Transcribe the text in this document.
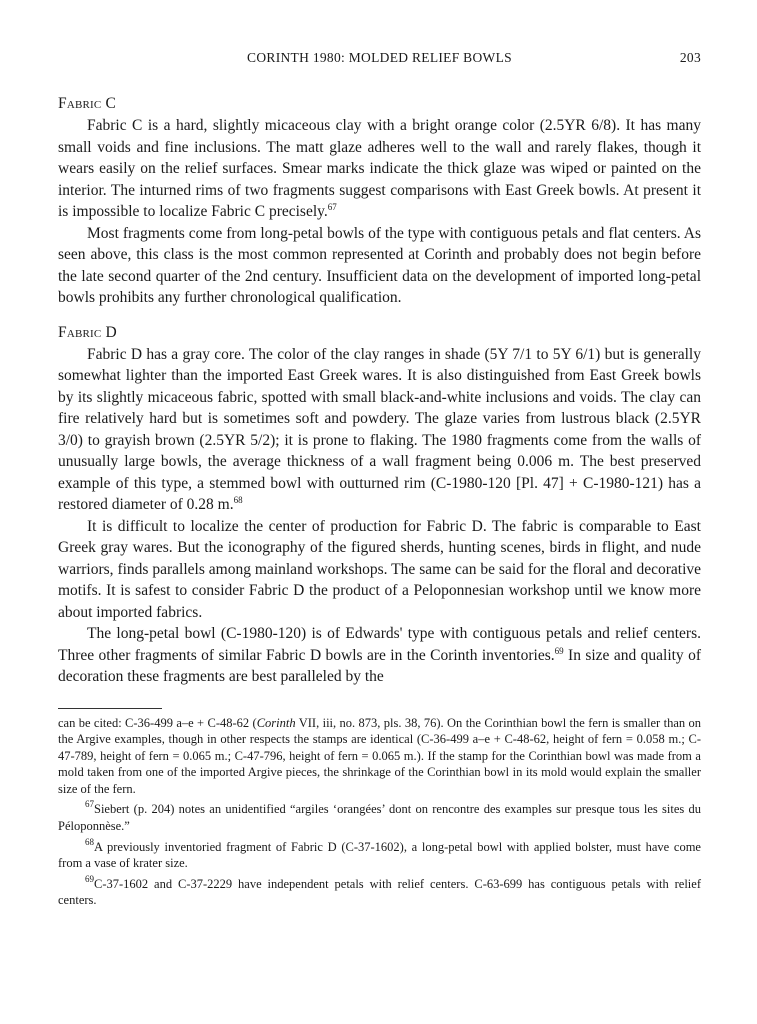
CORINTH 1980: MOLDED RELIEF BOWLS	203
Fabric C

Fabric C is a hard, slightly micaceous clay with a bright orange color (2.5YR 6/8). It has many small voids and fine inclusions. The matt glaze adheres well to the wall and rarely flakes, though it wears easily on the relief surfaces. Smear marks indicate the thick glaze was wiped or painted on the interior. The inturned rims of two fragments suggest comparisons with East Greek bowls. At present it is impossible to localize Fabric C precisely.$^{67}$

Most fragments come from long-petal bowls of the type with contiguous petals and flat centers. As seen above, this class is the most common represented at Corinth and probably does not begin before the late second quarter of the 2nd century. Insufficient data on the development of imported long-petal bowls prohibits any further chronological qualification.

Fabric D

Fabric D has a gray core. The color of the clay ranges in shade (5Y 7/1 to 5Y 6/1) but is generally somewhat lighter than the imported East Greek wares. It is also distinguished from East Greek bowls by its slightly micaceous fabric, spotted with small black-and-white inclusions and voids. The clay can fire relatively hard but is sometimes soft and powdery. The glaze varies from lustrous black (2.5YR 3/0) to grayish brown (2.5YR 5/2); it is prone to flaking. The 1980 fragments come from the walls of unusually large bowls, the average thickness of a wall fragment being 0.006 m. The best preserved example of this type, a stemmed bowl with outturned rim (C-1980-120 [Pl. 47] + C-1980-121) has a restored diameter of 0.28 m.$^{68}$

It is difficult to localize the center of production for Fabric D. The fabric is comparable to East Greek gray wares. But the iconography of the figured sherds, hunting scenes, birds in flight, and nude warriors, finds parallels among mainland workshops. The same can be said for the floral and decorative motifs. It is safest to consider Fabric D the product of a Peloponnesian workshop until we know more about imported fabrics.

The long-petal bowl (C-1980-120) is of Edwards' type with contiguous petals and relief centers. Three other fragments of similar Fabric D bowls are in the Corinth inventories.$^{69}$ In size and quality of decoration these fragments are best paralleled by the

can be cited: C-36-499 a–e + C-48-62 (Corinth VII, iii, no. 873, pls. 38, 76). On the Corinthian bowl the fern is smaller than on the Argive examples, though in other respects the stamps are identical (C-36-499 a–e + C-48-62, height of fern = 0.058 m.; C-47-789, height of fern = 0.065 m.; C-47-796, height of fern = 0.065 m.). If the stamp for the Corinthian bowl was made from a mold taken from one of the imported Argive pieces, the shrinkage of the Corinthian bowl in its mold would explain the smaller size of the fern.

$^{67}$Siebert (p. 204) notes an unidentified “argiles ‘orangées’ dont on rencontre des examples sur presque tous les sites du Péloponnèse.”

$^{68}$A previously inventoried fragment of Fabric D (C-37-1602), a long-petal bowl with applied bolster, must have come from a vase of krater size.

$^{69}$C-37-1602 and C-37-2229 have independent petals with relief centers. C-63-699 has contiguous petals with relief centers.
